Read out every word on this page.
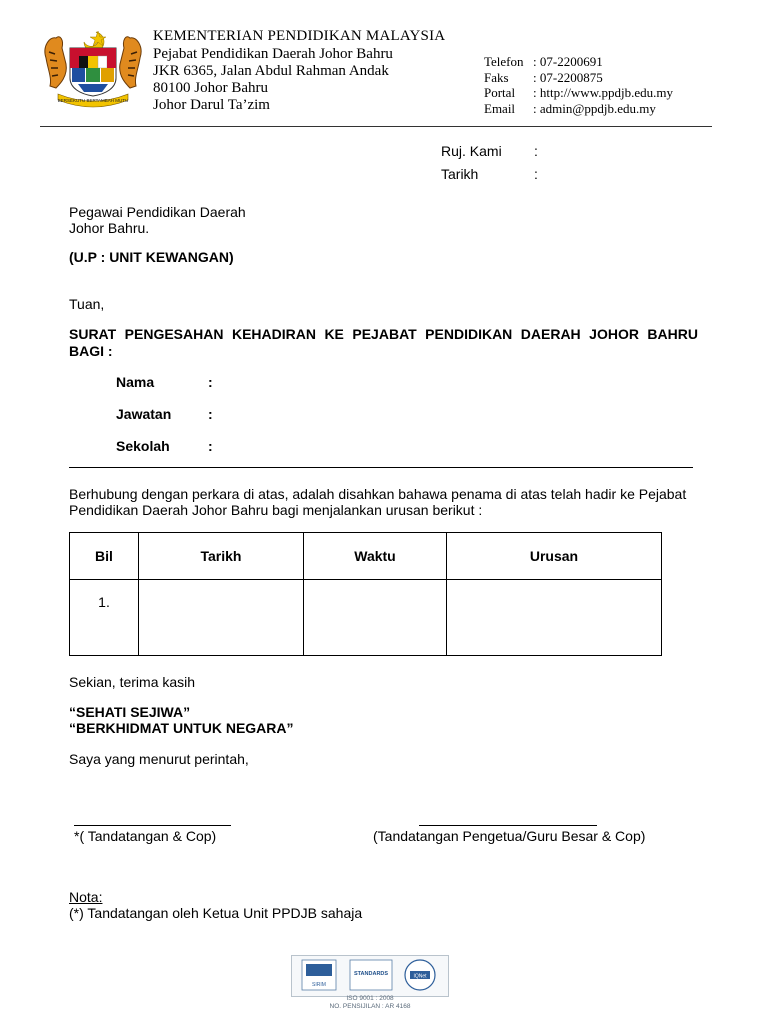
BERSEKUTU BERTAMBAH MUTU
KEMENTERIAN PENDIDIKAN MALAYSIA
Pejabat Pendidikan Daerah Johor Bahru
JKR 6365, Jalan Abdul Rahman Andak
80100 Johor Bahru
Johor Darul Ta’zim
Telefon : 07-2200691
Faks	: 07-2200875
Portal	: http://www.ppdjb.edu.my
Email	: admin@ppdjb.edu.my
Ruj. Kami :
Tarikh	:
Pegawai Pendidikan Daerah
Johor Bahru.
(U.P : UNIT KEWANGAN)
Tuan,
SURAT PENGESAHAN KEHADIRAN KE PEJABAT PENDIDIKAN DAERAH JOHOR BAHRU
BAGI :
Nama	:
Jawatan	:
Sekolah	:
Berhubung dengan perkara di atas, adalah disahkan bahawa penama di atas telah hadir ke Pejabat
Pendidikan Daerah Johor Bahru bagi menjalankan urusan berikut :
Bil	Tarikh	Waktu	Urusan
1.			
Sekian, terima kasih
“SEHATI SEJIWA”
“BERKHIDMAT UNTUK NEGARA”
Saya yang menurut perintah,
*( Tandatangan & Cop)	(Tandatangan Pengetua/Guru Besar & Cop)
Nota:
(*) Tandatangan oleh Ketua Unit PPDJB sahaja
SIRIM
STANDARDS	IQNet
ISO 9001 : 2008
NO. PENSIJILAN : AR 4168
